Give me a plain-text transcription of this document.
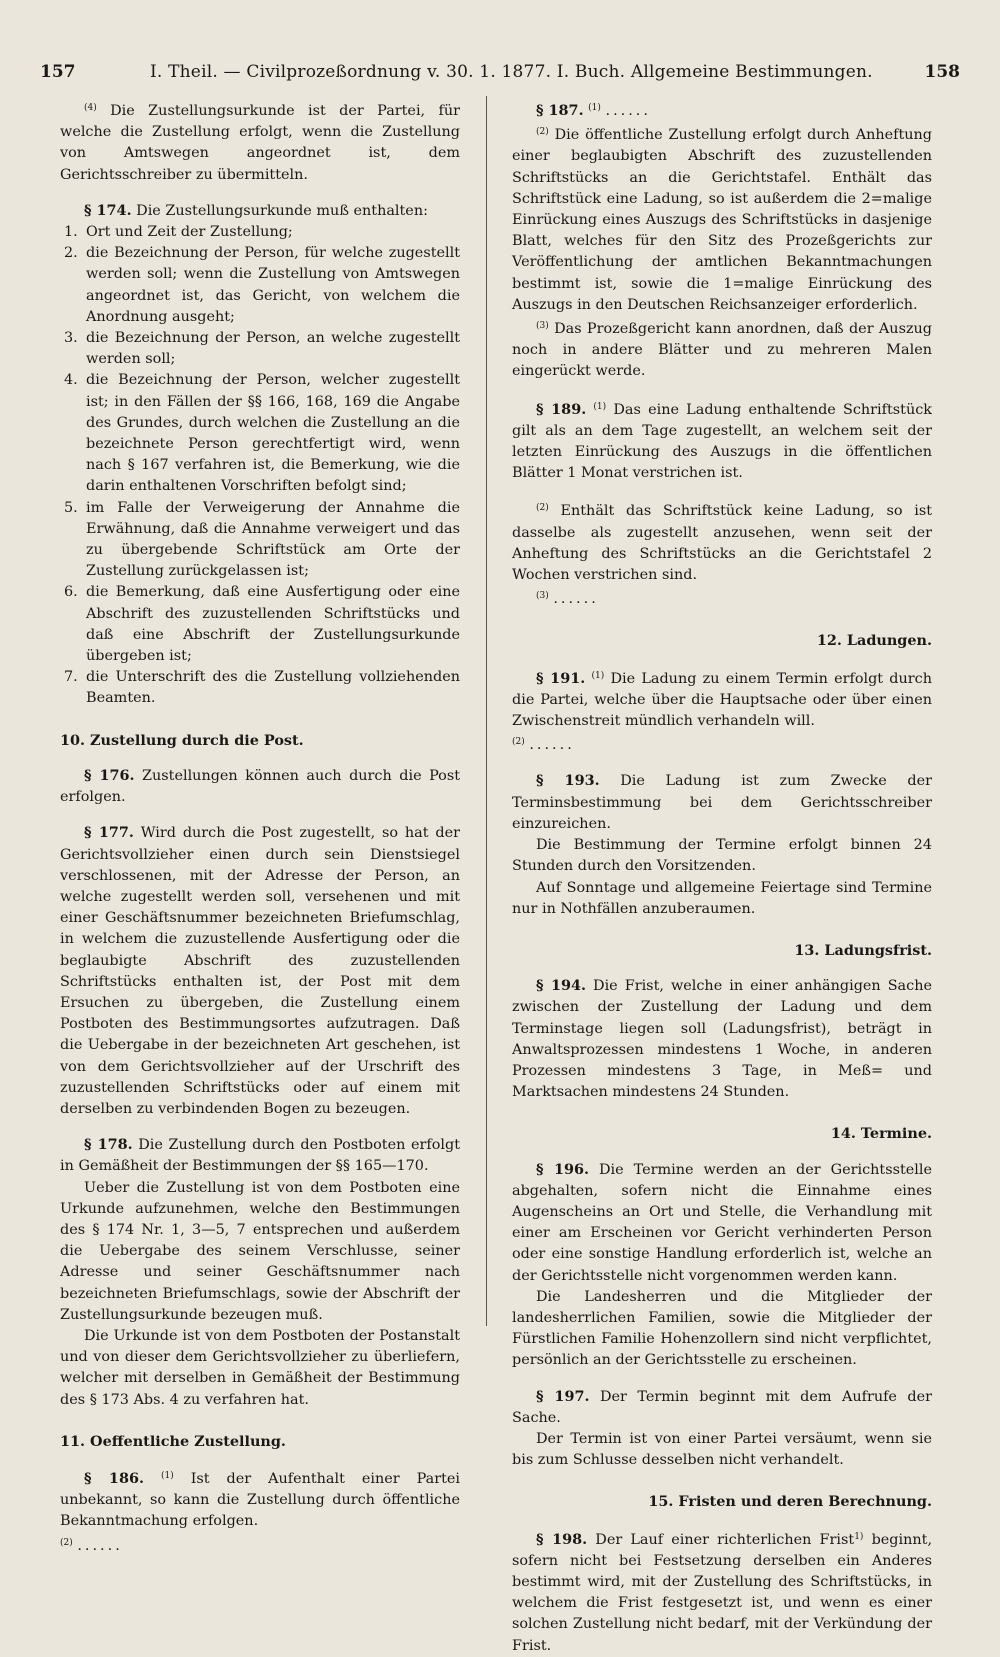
157	I. Theil. — Civilprozeßordnung v. 30. 1. 1877. I. Buch. Allgemeine Bestimmungen.	158

$^{(4)}$ Die Zustellungsurkunde ist der Partei, für welche die Zustellung erfolgt, wenn die Zustellung von Amtswegen angeordnet ist, dem Gerichtsschreiber zu übermitteln.

§ 174. Die Zustellungsurkunde muß enthalten:

1. Ort und Zeit der Zustellung;
2. die Bezeichnung der Person, für welche zugestellt werden soll; wenn die Zustellung von Amtswegen angeordnet ist, das Gericht, von welchem die Anordnung ausgeht;
3. die Bezeichnung der Person, an welche zugestellt werden soll;
4. die Bezeichnung der Person, welcher zugestellt ist; in den Fällen der §§ 166, 168, 169 die Angabe des Grundes, durch welchen die Zustellung an die bezeichnete Person gerechtfertigt wird, wenn nach § 167 verfahren ist, die Bemerkung, wie die darin enthaltenen Vorschriften befolgt sind;
5. im Falle der Verweigerung der Annahme die Erwähnung, daß die Annahme verweigert und das zu übergebende Schriftstück am Orte der Zustellung zurückgelassen ist;
6. die Bemerkung, daß eine Ausfertigung oder eine Abschrift des zuzustellenden Schriftstücks und daß eine Abschrift der Zustellungsurkunde übergeben ist;
7. die Unterschrift des die Zustellung vollziehenden Beamten.
10. Zustellung durch die Post.

§ 176. Zustellungen können auch durch die Post erfolgen.

§ 177. Wird durch die Post zugestellt, so hat der Gerichtsvollzieher einen durch sein Dienstsiegel verschlossenen, mit der Adresse der Person, an welche zugestellt werden soll, versehenen und mit einer Geschäftsnummer bezeichneten Briefumschlag, in welchem die zuzustellende Ausfertigung oder die beglaubigte Abschrift des zuzustellenden Schriftstücks enthalten ist, der Post mit dem Ersuchen zu übergeben, die Zustellung einem Postboten des Bestimmungsortes aufzutragen. Daß die Uebergabe in der bezeichneten Art geschehen, ist von dem Gerichtsvollzieher auf der Urschrift des zuzustellenden Schriftstücks oder auf einem mit derselben zu verbindenden Bogen zu bezeugen.

§ 178. Die Zustellung durch den Postboten erfolgt in Gemäßheit der Bestimmungen der §§ 165—170.

Ueber die Zustellung ist von dem Postboten eine Urkunde aufzunehmen, welche den Bestimmungen des § 174 Nr. 1, 3—5, 7 entsprechen und außerdem die Uebergabe des seinem Verschlusse, seiner Adresse und seiner Geschäftsnummer nach bezeichneten Briefumschlags, sowie der Abschrift der Zustellungsurkunde bezeugen muß.

Die Urkunde ist von dem Postboten der Postanstalt und von dieser dem Gerichtsvollzieher zu überliefern, welcher mit derselben in Gemäßheit der Bestimmung des § 173 Abs. 4 zu verfahren hat.

11. Oeffentliche Zustellung.

§ 186. $^{(1)}$ Ist der Aufenthalt einer Partei unbekannt, so kann die Zustellung durch öffentliche Bekanntmachung erfolgen.

$^{(2)}$ ......

§ 187. $^{(1)}$ ......

$^{(2)}$ Die öffentliche Zustellung erfolgt durch Anheftung einer beglaubigten Abschrift des zuzustellenden Schriftstücks an die Gerichtstafel. Enthält das Schriftstück eine Ladung, so ist außerdem die 2=malige Einrückung eines Auszugs des Schriftstücks in dasjenige Blatt, welches für den Sitz des Prozeßgerichts zur Veröffentlichung der amtlichen Bekanntmachungen bestimmt ist, sowie die 1=malige Einrückung des Auszugs in den Deutschen Reichsanzeiger erforderlich.

$^{(3)}$ Das Prozeßgericht kann anordnen, daß der Auszug noch in andere Blätter und zu mehreren Malen eingerückt werde.

§ 189. $^{(1)}$ Das eine Ladung enthaltende Schriftstück gilt als an dem Tage zugestellt, an welchem seit der letzten Einrückung des Auszugs in die öffentlichen Blätter 1 Monat verstrichen ist.

$^{(2)}$ Enthält das Schriftstück keine Ladung, so ist dasselbe als zugestellt anzusehen, wenn seit der Anheftung des Schriftstücks an die Gerichtstafel 2 Wochen verstrichen sind.

$^{(3)}$ ......

12. Ladungen.

§ 191. $^{(1)}$ Die Ladung zu einem Termin erfolgt durch die Partei, welche über die Hauptsache oder über einen Zwischenstreit mündlich verhandeln will.

$^{(2)}$ ......

§ 193. Die Ladung ist zum Zwecke der Terminsbestimmung bei dem Gerichtsschreiber einzureichen.

Die Bestimmung der Termine erfolgt binnen 24 Stunden durch den Vorsitzenden.

Auf Sonntage und allgemeine Feiertage sind Termine nur in Nothfällen anzuberaumen.

13. Ladungsfrist.

§ 194. Die Frist, welche in einer anhängigen Sache zwischen der Zustellung der Ladung und dem Terminstage liegen soll (Ladungsfrist), beträgt in Anwaltsprozessen mindestens 1 Woche, in anderen Prozessen mindestens 3 Tage, in Meß= und Marktsachen mindestens 24 Stunden.

14. Termine.

§ 196. Die Termine werden an der Gerichtsstelle abgehalten, sofern nicht die Einnahme eines Augenscheins an Ort und Stelle, die Verhandlung mit einer am Erscheinen vor Gericht verhinderten Person oder eine sonstige Handlung erforderlich ist, welche an der Gerichtsstelle nicht vorgenommen werden kann.

Die Landesherren und die Mitglieder der landesherrlichen Familien, sowie die Mitglieder der Fürstlichen Familie Hohenzollern sind nicht verpflichtet, persönlich an der Gerichtsstelle zu erscheinen.

§ 197. Der Termin beginnt mit dem Aufrufe der Sache.

Der Termin ist von einer Partei versäumt, wenn sie bis zum Schlusse desselben nicht verhandelt.

15. Fristen und deren Berechnung.

§ 198. Der Lauf einer richterlichen Frist$^{1)}$ beginnt, sofern nicht bei Festsetzung derselben ein Anderes bestimmt wird, mit der Zustellung des Schriftstücks, in welchem die Frist festgesetzt ist, und wenn es einer solchen Zustellung nicht bedarf, mit der Verkündung der Frist.
